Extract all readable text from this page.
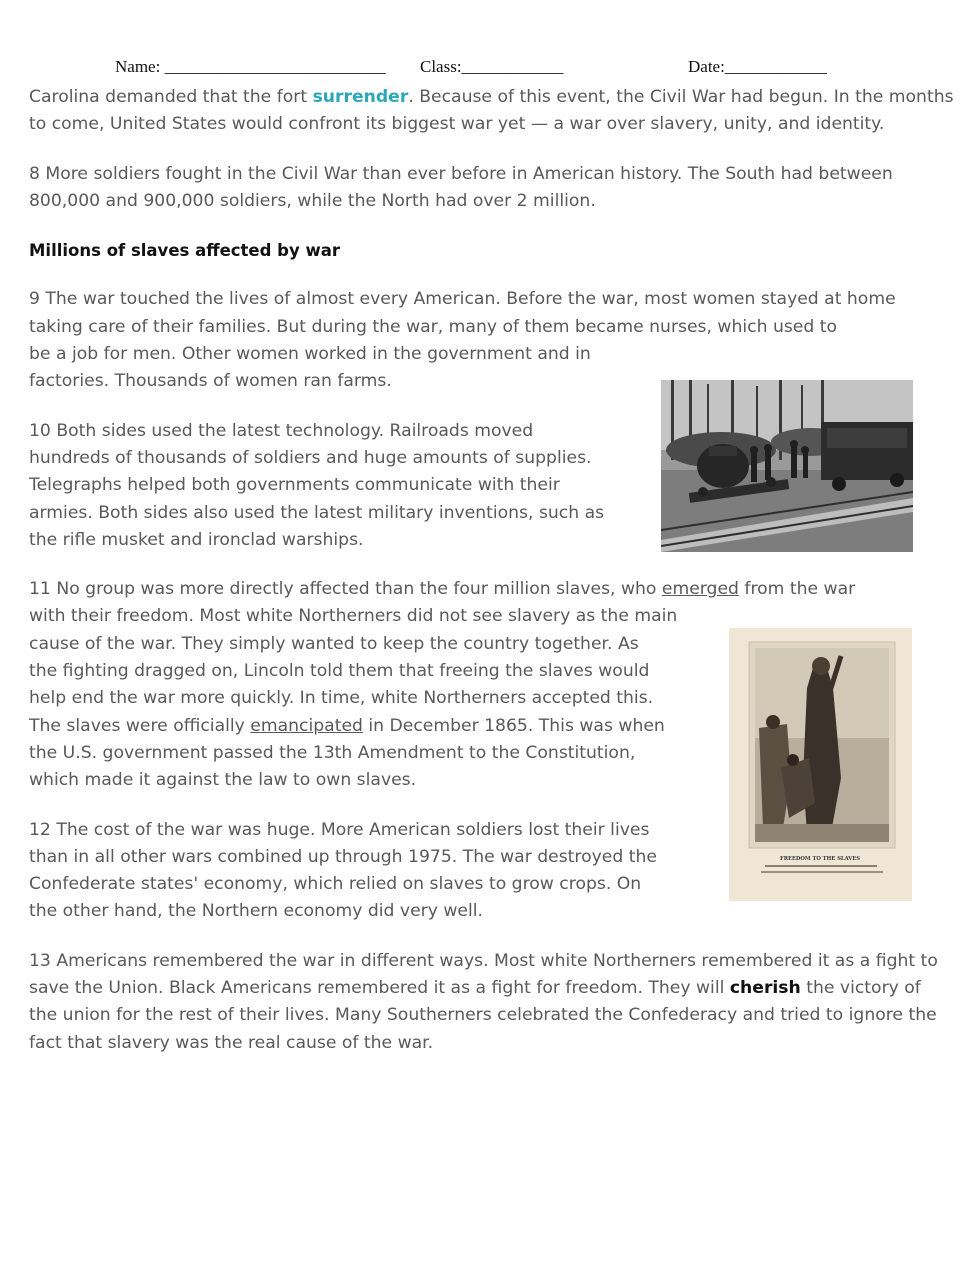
Name: __________________________ Class:____________	Date:____________

Carolina demanded that the fort surrender. Because of this event, the Civil War had begun. In the months to come, United States would confront its biggest war yet — a war over slavery, unity, and identity.

8 More soldiers fought in the Civil War than ever before in American history. The South had between 800,000 and 900,000 soldiers, while the North had over 2 million.

Millions of slaves affected by war

9 The war touched the lives of almost every American. Before the war, most women stayed at home taking care of their families. But during the war, many of them became nurses, which used to
be a job for men. Other women worked in the government and in
factories. Thousands of women ran farms.

10 Both sides used the latest technology. Railroads moved
hundreds of thousands of soldiers and huge amounts of supplies.
Telegraphs helped both governments communicate with their
armies. Both sides also used the latest military inventions, such as
the rifle musket and ironclad warships.

11 No group was more directly affected than the four million slaves, who emerged from the war
with their freedom. Most white Northerners did not see slavery as the main
cause of the war. They simply wanted to keep the country together. As
the fighting dragged on, Lincoln told them that freeing the slaves would
help end the war more quickly. In time, white Northerners accepted this.
The slaves were officially emancipated in December 1865. This was when
the U.S. government passed the 13th Amendment to the Constitution,
which made it against the law to own slaves.

12 The cost of the war was huge. More American soldiers lost their lives
than in all other wars combined up through 1975. The war destroyed the
Confederate states' economy, which relied on slaves to grow crops. On
the other hand, the Northern economy did very well.

13 Americans remembered the war in different ways. Most white Northerners remembered it as a fight to save the Union. Black Americans remembered it as a fight for freedom. They will cherish the victory of the union for the rest of their lives. Many Southerners celebrated the Confederacy and tried to ignore the fact that slavery was the real cause of the war.

FREEDOM TO THE SLAVES
